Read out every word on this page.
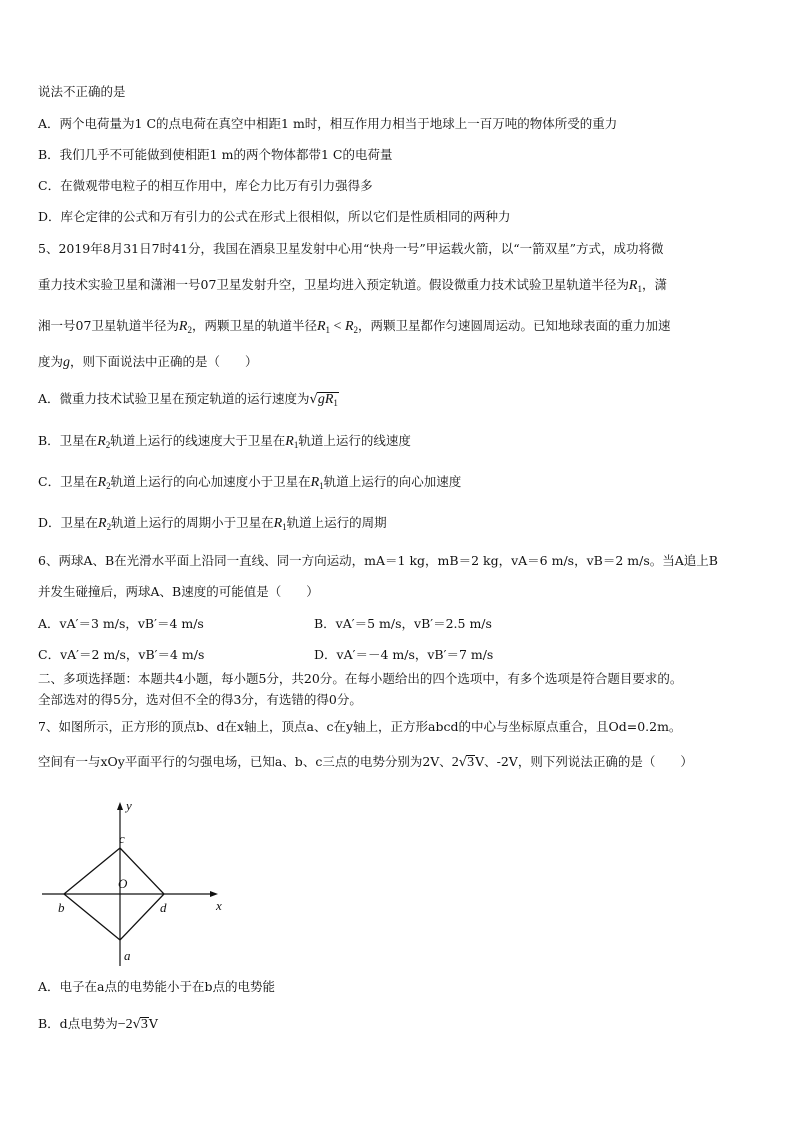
说法不正确的是
A．两个电荷量为1 C的点电荷在真空中相距1 m时，相互作用力相当于地球上一百万吨的物体所受的重力
B．我们几乎不可能做到使相距1 m的两个物体都带1 C的电荷量
C．在微观带电粒子的相互作用中，库仑力比万有引力强得多
D．库仑定律的公式和万有引力的公式在形式上很相似，所以它们是性质相同的两种力
5、2019年8月31日7时41分，我国在酒泉卫星发射中心用“快舟一号”甲运载火箭，以“一箭双星”方式，成功将微
重力技术实验卫星和潇湘一号07卫星发射升空，卫星均进入预定轨道。假设微重力技术试验卫星轨道半径为$R_1$，潇
湘一号07卫星轨道半径为$R_2$，两颗卫星的轨道半径$R_1 < R_2$，两颗卫星都作匀速圆周运动。已知地球表面的重力加速
度为g，则下面说法中正确的是（　　）
A．微重力技术试验卫星在预定轨道的运行速度为$√gR_1$
B．卫星在$R_2$轨道上运行的线速度大于卫星在$R_1$轨道上运行的线速度
C．卫星在$R_2$轨道上运行的向心加速度小于卫星在$R_1$轨道上运行的向心加速度
D．卫星在$R_2$轨道上运行的周期小于卫星在$R_1$轨道上运行的周期
6、两球A、B在光滑水平面上沿同一直线、同一方向运动，mA＝1 kg，mB＝2 kg，vA＝6 m/s，vB＝2 m/s。当A追上B
并发生碰撞后，两球A、B速度的可能值是（　　）
A．vA′＝3 m/s，vB′＝4 m/s	B．vA′＝5 m/s，vB′＝2.5 m/s
C．vA′＝2 m/s，vB′＝4 m/s	D．vA′＝－4 m/s，vB′＝7 m/s
二、多项选择题：本题共4小题，每小题5分，共20分。在每小题给出的四个选项中，有多个选项是符合题目要求的。
全部选对的得5分，选对但不全的得3分，有选错的得0分。
7、如图所示，正方形的顶点b、d在x轴上，顶点a、c在y轴上，正方形abcd的中心与坐标原点重合，且Od=0.2m。
空间有一与xOy平面平行的匀强电场，已知a、b、c三点的电势分别为2V、2√3V、-2V，则下列说法正确的是（　　）
y
x
c
O
b	d
a
A．电子在a点的电势能小于在b点的电势能
B．d点电势为−2√3V
